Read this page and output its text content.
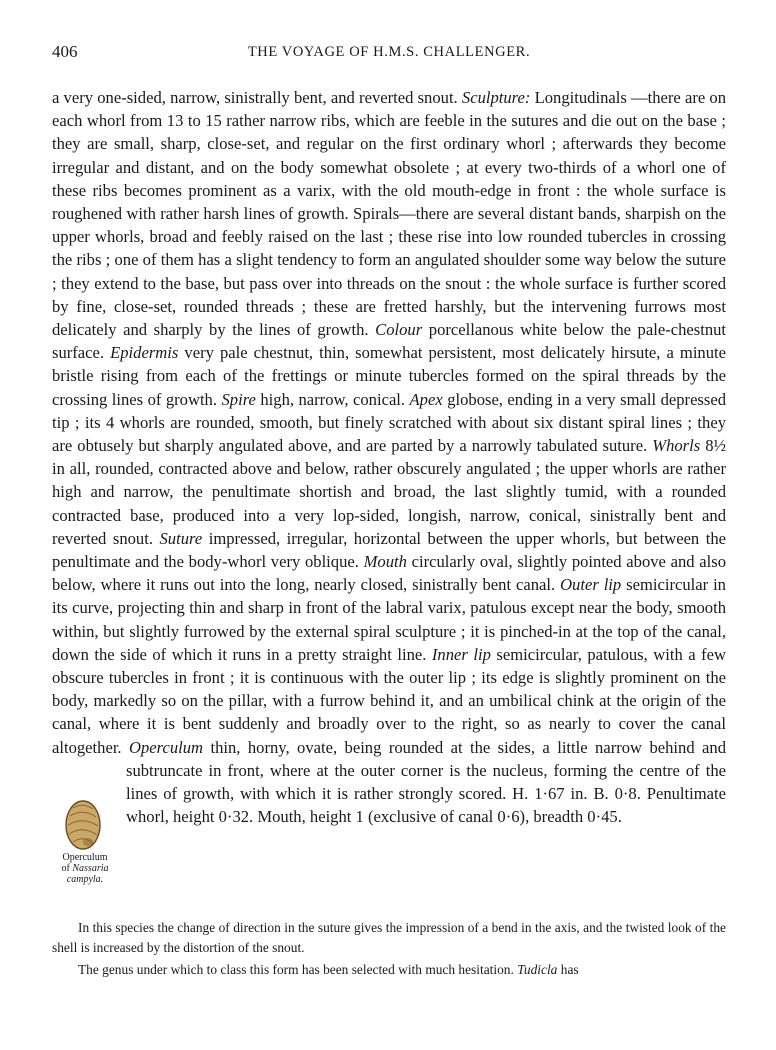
406	THE VOYAGE OF H.M.S. CHALLENGER.

a very one-sided, narrow, sinistrally bent, and reverted snout. Sculpture: Longitudinals —there are on each whorl from 13 to 15 rather narrow ribs, which are feeble in the sutures and die out on the base ; they are small, sharp, close-set, and regular on the first ordinary whorl ; afterwards they become irregular and distant, and on the body somewhat obsolete ; at every two-thirds of a whorl one of these ribs becomes prominent as a varix, with the old mouth-edge in front : the whole surface is roughened with rather harsh lines of growth. Spirals—there are several distant bands, sharpish on the upper whorls, broad and feebly raised on the last ; these rise into low rounded tubercles in crossing the ribs ; one of them has a slight tendency to form an angulated shoulder some way below the suture ; they extend to the base, but pass over into threads on the snout : the whole surface is further scored by fine, close-set, rounded threads ; these are fretted harshly, but the intervening furrows most delicately and sharply by the lines of growth. Colour porcellanous white below the pale-chestnut surface. Epidermis very pale chestnut, thin, somewhat persistent, most delicately hirsute, a minute bristle rising from each of the frettings or minute tubercles formed on the spiral threads by the crossing lines of growth. Spire high, narrow, conical. Apex globose, ending in a very small depressed tip ; its 4 whorls are rounded, smooth, but finely scratched with about six distant spiral lines ; they are obtusely but sharply angulated above, and are parted by a narrowly tabulated suture. Whorls 8½ in all, rounded, contracted above and below, rather obscurely angulated ; the upper whorls are rather high and narrow, the penultimate shortish and broad, the last slightly tumid, with a rounded contracted base, produced into a very lop-sided, longish, narrow, conical, sinistrally bent and reverted snout. Suture impressed, irregular, horizontal between the upper whorls, but between the penultimate and the body-whorl very oblique. Mouth circularly oval, slightly pointed above and also below, where it runs out into the long, nearly closed, sinistrally bent canal. Outer lip semicircular in its curve, projecting thin and sharp in front of the labral varix, patulous except near the body, smooth within, but slightly furrowed by the external spiral sculpture ; it is pinched-in at the top of the canal, down the side of which it runs in a pretty straight line. Inner lip semicircular, patulous, with a few obscure tubercles in front ; it is continuous with the outer lip ; its edge is slightly prominent on the body, markedly so on the pillar, with a furrow behind it, and an umbilical chink at the origin of the canal, where it is bent suddenly and broadly over to the right, so as nearly to cover the canal altogether. Operculum thin, horny, ovate, being rounded at the sides, a little narrow behind and subtruncate in front, where at the outer corner is the nucleus, forming the centre of the lines of growth, with which it is rather strongly scored. H. 1·67 in. B. 0·8. Penultimate whorl, height 0·32. Mouth, height 1 (exclusive of canal 0·6), breadth 0·45.

Operculum
of Nassaria
campyla.

In this species the change of direction in the suture gives the impression of a bend in the axis, and the twisted look of the shell is increased by the distortion of the snout.

The genus under which to class this form has been selected with much hesitation. Tudicla has
